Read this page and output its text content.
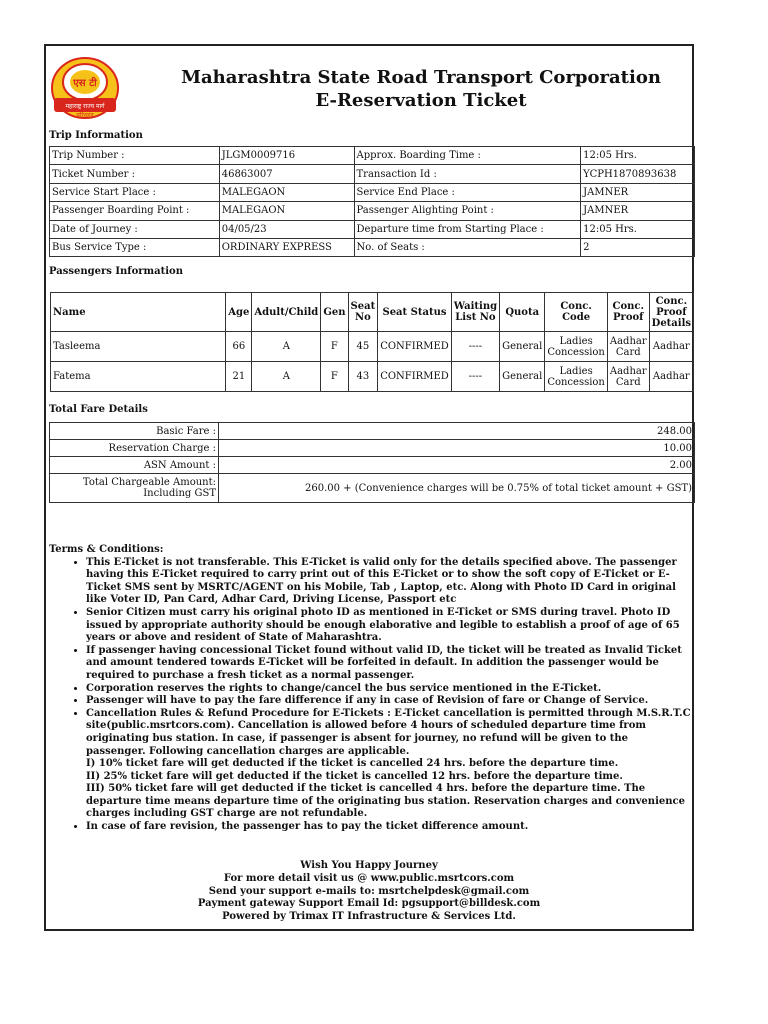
एस टी
महाराष्ट्र राज्य मार्ग
परिवहन
Maharashtra State Road Transport Corporation
E-Reservation Ticket
Trip Information
Trip Number :	JLGM0009716	Approx. Boarding Time :	12:05 Hrs.
Ticket Number :	46863007	Transaction Id :	YCPH1870893638
Service Start Place :	MALEGAON	Service End Place :	JAMNER
Passenger Boarding Point :	MALEGAON	Passenger Alighting Point :	JAMNER
Date of Journey :	04/05/23	Departure time from Starting Place :	12:05 Hrs.
Bus Service Type :	ORDINARY EXPRESS	No. of Seats :	2
Passengers Information
Name	Age	Adult/Child	Gen	Seat No	Seat Status	Waiting List No	Quota	Conc. Code	Conc. Proof	Conc. Proof Details
Tasleema	66	A	F	45	CONFIRMED	----	General	Ladies Concession	Aadhar Card	Aadhar
Fatema	21	A	F	43	CONFIRMED	----	General	Ladies Concession	Aadhar Card	Aadhar
Total Fare Details
Basic Fare :	248.00
Reservation Charge :	10.00
ASN Amount :	2.00
Total Chargeable Amount: Including GST	260.00 + (Convenience charges will be 0.75% of total ticket amount + GST)
Terms & Conditions:
• This E-Ticket is not transferable. This E-Ticket is valid only for the details specified above. The passenger having this E-Ticket required to carry print out of this E-Ticket or to show the soft copy of E-Ticket or E-Ticket SMS sent by MSRTC/AGENT on his Mobile, Tab , Laptop, etc. Along with Photo ID Card in original like Voter ID, Pan Card, Adhar Card, Driving License, Passport etc
• Senior Citizen must carry his original photo ID as mentioned in E-Ticket or SMS during travel. Photo ID issued by appropriate authority should be enough elaborative and legible to establish a proof of age of 65 years or above and resident of State of Maharashtra.
• If passenger having concessional Ticket found without valid ID, the ticket will be treated as Invalid Ticket and amount tendered towards E-Ticket will be forfeited in default. In addition the passenger would be required to purchase a fresh ticket as a normal passenger.
• Corporation reserves the rights to change/cancel the bus service mentioned in the E-Ticket.
• Passenger will have to pay the fare difference if any in case of Revision of fare or Change of Service.
• Cancellation Rules & Refund Procedure for E-Tickets : E-Ticket cancellation is permitted through M.S.R.T.C site(public.msrtcors.com). Cancellation is allowed before 4 hours of scheduled departure time from originating bus station. In case, if passenger is absent for journey, no refund will be given to the passenger. Following cancellation charges are applicable.
I) 10% ticket fare will get deducted if the ticket is cancelled 24 hrs. before the departure time.
II) 25% ticket fare will get deducted if the ticket is cancelled 12 hrs. before the departure time.
III) 50% ticket fare will get deducted if the ticket is cancelled 4 hrs. before the departure time. The departure time means departure time of the originating bus station. Reservation charges and convenience charges including GST charge are not refundable.
• In case of fare revision, the passenger has to pay the ticket difference amount.
Wish You Happy Journey
For more detail visit us @ www.public.msrtcors.com
Send your support e-mails to: msrtchelpdesk@gmail.com
Payment gateway Support Email Id: pgsupport@billdesk.com
Powered by Trimax IT Infrastructure & Services Ltd.
